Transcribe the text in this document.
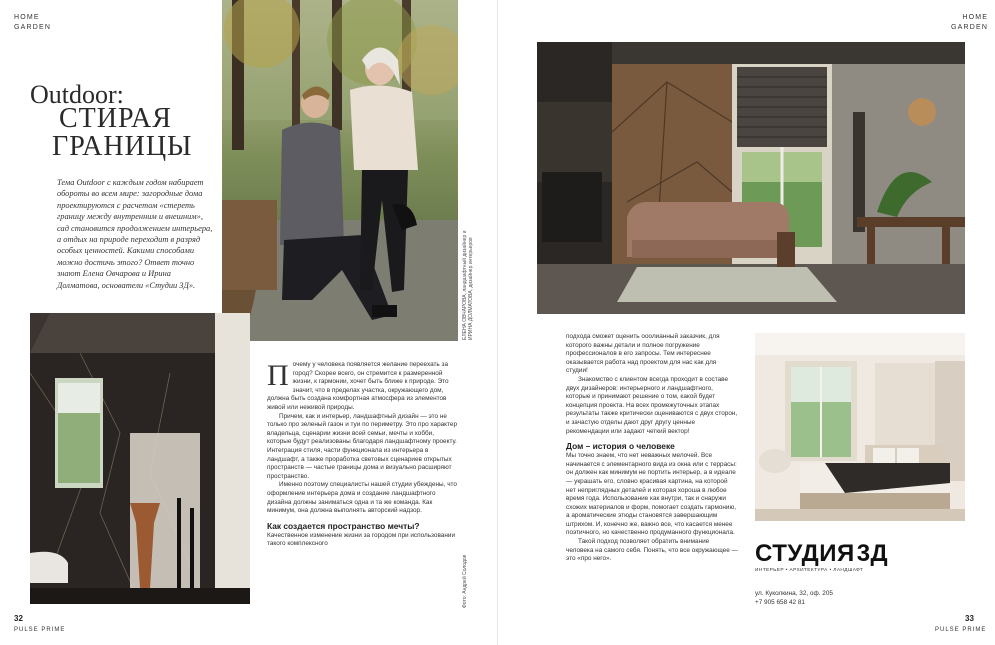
HOME
GARDEN
Outdoor:
СТИРАЯ
ГРАНИЦЫ
Тема Outdoor с каждым годом набирает обороты во всем мире: загородные дома проектируются с расчетом «стереть границу между внутренним и внешним», сад становится продолжением интерьера, а отдых на природе переходит в разряд особых ценностей. Какими способами можно достичь этого? Ответ точно знают Елена Овчарова и Ирина Долматова, основатели «Студии 3Д».	ЕЛЕНА ОВЧАРОВА, ландшафтный дизайнер и ИРИНА ДОЛМАТОВА, дизайнер интерьеров
П очему у человека появляется желание переехать за город? Скорее всего, он стремится к размеренной жизни, к гармонии, хочет быть ближе к природе. Это значит, что в пределах участка, окружающего дом, должна быть создана комфортная атмосфера из элементов живой или неживой природы.

Причем, как и интерьер, ландшафтный дизайн — это не только про зеленый газон и туи по периметру. Это про характер владельца, сценарии жизни всей семьи, мечты и хобби, которые будут реализованы благодаря ландшафтному проекту. Интеграция стиля, части функционала из интерьера в ландшафт, а также проработка световых сценариев открытых пространств — частые границы дома и визуально расширяют пространство.

Именно поэтому специалисты нашей студии убеждены, что оформление интерьера дома и создание ландшафтного дизайна должны заниматься одна и та же команда. Как минимум, она должна выполнять авторский надзор.

Как создается пространство мечты?

Качественное изменение жизни за городом при использовании такого комплексного

Фото: Андрей Солодов
32
PULSE PRIME
HOME
GARDEN

подхода сможет оценить ооолианный заказчик, для которого важны детали и полное погружение профессионалов в его запросы. Тем интереснее оказывается работа над проектом для нас как для студии!

Знакомство с клиентом всегда проходит в составе двух дизайнеров: интерьерного и ландшафтного, которые и принимают решение о том, какой будет концепция проекта. На всех промежуточных этапах результаты также критически оцениваются с двух сторон, и зачастую отделы дают друг другу ценные рекомендации или задают четкий вектор!

Дом – история о человеке

Мы точно знаем, что нет неважных мелочей. Все начинается с элементарного вида из окна или с террасы: он должен как минимум не портить интерьер, а в идеале — украшать его, словно красивая картина, на которой нет неприглядных деталей и которая хороша в любое время года. Использование как внутри, так и снаружи схожих материалов и форм, помогает создать гармонию, а ароматические этюды становятся завершающим штрихом. И, конечно же, важно все, что касается менее поэтичного, но качественно продуманного функционала.

Такой подход позволяет обратить внимание человека на самого себя. Понять, что все окружающее — это «про него».	СТУДИЯ3Д
ИНТЕРЬЕР • АРХИТЕКТУРА • ЛАНДШАФТ
ул. Куколкина, 32, оф. 205
+7 905 658 42 81
33
PULSE PRIME
